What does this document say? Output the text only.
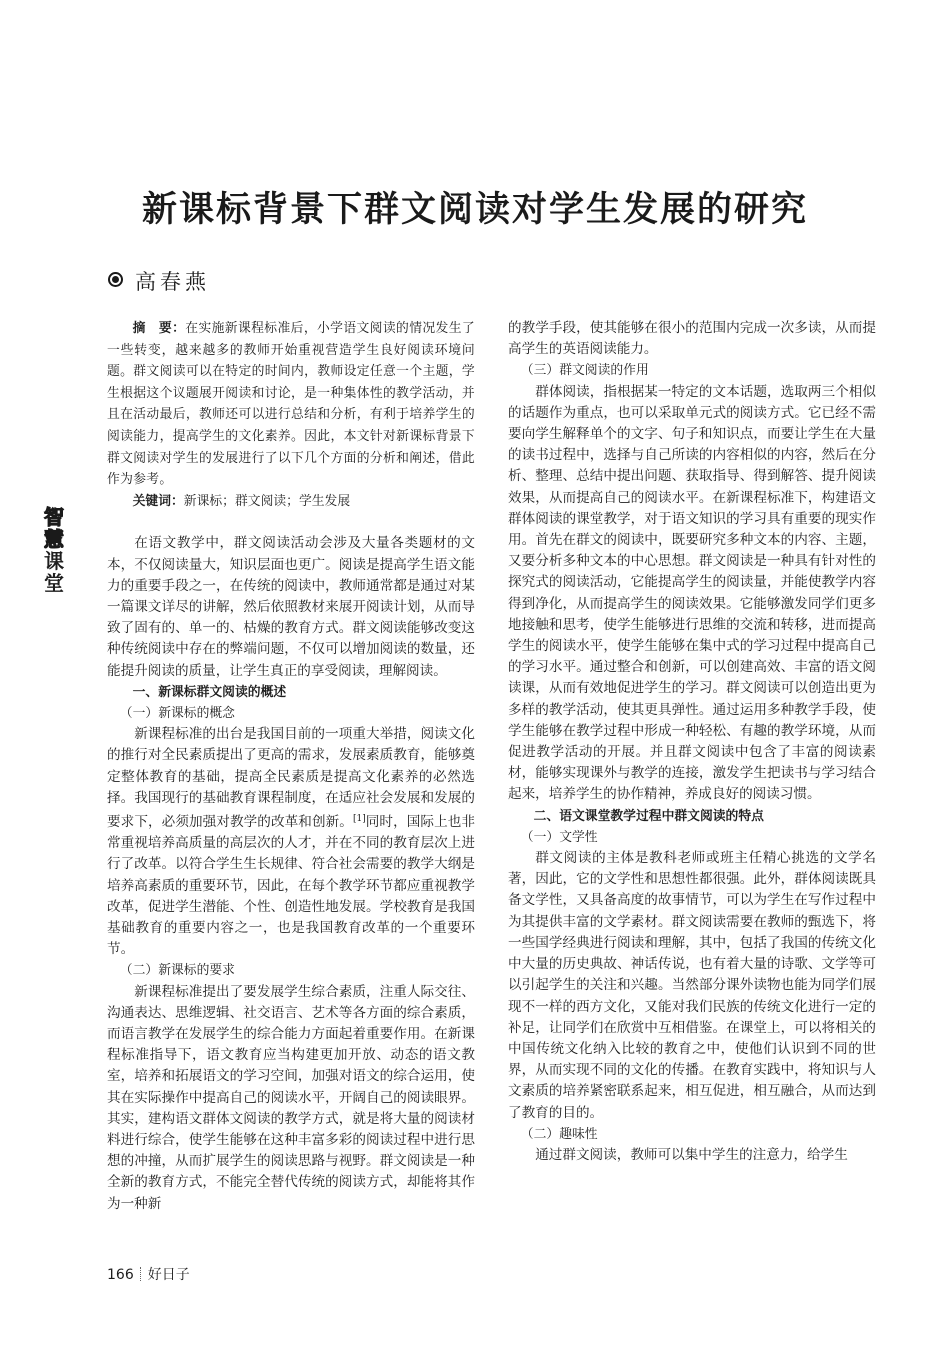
新课标背景下群文阅读对学生发展的研究
高春燕
智
慧
课
堂

摘　要：在实施新课程标准后，小学语文阅读的情况发生了一些转变，越来越多的教师开始重视营造学生良好阅读环境问题。群文阅读可以在特定的时间内，教师设定任意一个主题，学生根据这个议题展开阅读和讨论，是一种集体性的教学活动，并且在活动最后，教师还可以进行总结和分析，有利于培养学生的阅读能力，提高学生的文化素养。因此，本文针对新课标背景下群文阅读对学生的发展进行了以下几个方面的分析和阐述，借此作为参考。

关键词：新课标；群文阅读；学生发展

在语文教学中，群文阅读活动会涉及大量各类题材的文本，不仅阅读量大，知识层面也更广。阅读是提高学生语文能力的重要手段之一，在传统的阅读中，教师通常都是通过对某一篇课文详尽的讲解，然后依照教材来展开阅读计划，从而导致了固有的、单一的、枯燥的教育方式。群文阅读能够改变这种传统阅读中存在的弊端问题，不仅可以增加阅读的数量，还能提升阅读的质量，让学生真正的享受阅读，理解阅读。

一、新课标群文阅读的概述

（一）新课标的概念

新课程标准的出台是我国目前的一项重大举措，阅读文化的推行对全民素质提出了更高的需求，发展素质教育，能够奠定整体教育的基础，提高全民素质是提高文化素养的必然选择。我国现行的基础教育课程制度，在适应社会发展和发展的要求下，必须加强对教学的改革和创新。[1]同时，国际上也非常重视培养高质量的高层次的人才，并在不同的教育层次上进行了改革。以符合学生生长规律、符合社会需要的教学大纲是培养高素质的重要环节，因此，在每个教学环节都应重视教学改革，促进学生潜能、个性、创造性地发展。学校教育是我国基础教育的重要内容之一，也是我国教育改革的一个重要环节。

（二）新课标的要求

新课程标准提出了要发展学生综合素质，注重人际交往、沟通表达、思维逻辑、社交语言、艺术等各方面的综合素质，而语言教学在发展学生的综合能力方面起着重要作用。在新课程标准指导下，语文教育应当构建更加开放、动态的语文教室，培养和拓展语文的学习空间，加强对语文的综合运用，使其在实际操作中提高自己的阅读水平，开阔自己的阅读眼界。其实，建构语文群体文阅读的教学方式，就是将大量的阅读材料进行综合，使学生能够在这种丰富多彩的阅读过程中进行思想的冲撞，从而扩展学生的阅读思路与视野。群文阅读是一种全新的教育方式，不能完全替代传统的阅读方式，却能将其作为一种新

的教学手段，使其能够在很小的范围内完成一次多读，从而提高学生的英语阅读能力。

（三）群文阅读的作用

群体阅读，指根据某一特定的文本话题，选取两三个相似的话题作为重点，也可以采取单元式的阅读方式。它已经不需要向学生解释单个的文字、句子和知识点，而要让学生在大量的读书过程中，选择与自己所读的内容相似的内容，然后在分析、整理、总结中提出问题、获取指导、得到解答、提升阅读效果，从而提高自己的阅读水平。在新课程标准下，构建语文群体阅读的课堂教学，对于语文知识的学习具有重要的现实作用。首先在群文的阅读中，既要研究多种文本的内容、主题，又要分析多种文本的中心思想。群文阅读是一种具有针对性的探究式的阅读活动，它能提高学生的阅读量，并能使教学内容得到净化，从而提高学生的阅读效果。它能够激发同学们更多地接触和思考，使学生能够进行思维的交流和转移，进而提高学生的阅读水平，使学生能够在集中式的学习过程中提高自己的学习水平。通过整合和创新，可以创建高效、丰富的语文阅读课，从而有效地促进学生的学习。群文阅读可以创造出更为多样的教学活动，使其更具弹性。通过运用多种教学手段，使学生能够在教学过程中形成一种轻松、有趣的教学环境，从而促进教学活动的开展。并且群文阅读中包含了丰富的阅读素材，能够实现课外与教学的连接，激发学生把读书与学习结合起来，培养学生的协作精神，养成良好的阅读习惯。

二、语文课堂教学过程中群文阅读的特点

（一）文学性

群文阅读的主体是教科老师或班主任精心挑选的文学名著，因此，它的文学性和思想性都很强。此外，群体阅读既具备文学性，又具备高度的故事情节，可以为学生在写作过程中为其提供丰富的文学素材。群文阅读需要在教师的甄选下，将一些国学经典进行阅读和理解，其中，包括了我国的传统文化中大量的历史典故、神话传说，也有着大量的诗歌、文学等可以引起学生的关注和兴趣。当然部分课外读物也能为同学们展现不一样的西方文化，又能对我们民族的传统文化进行一定的补足，让同学们在欣赏中互相借鉴。在课堂上，可以将相关的中国传统文化纳入比较的教育之中，使他们认识到不同的世界，从而实现不同的文化的传播。在教育实践中，将知识与人文素质的培养紧密联系起来，相互促进，相互融合，从而达到了教育的目的。

（二）趣味性

通过群文阅读，教师可以集中学生的注意力，给学生

166 好日子
